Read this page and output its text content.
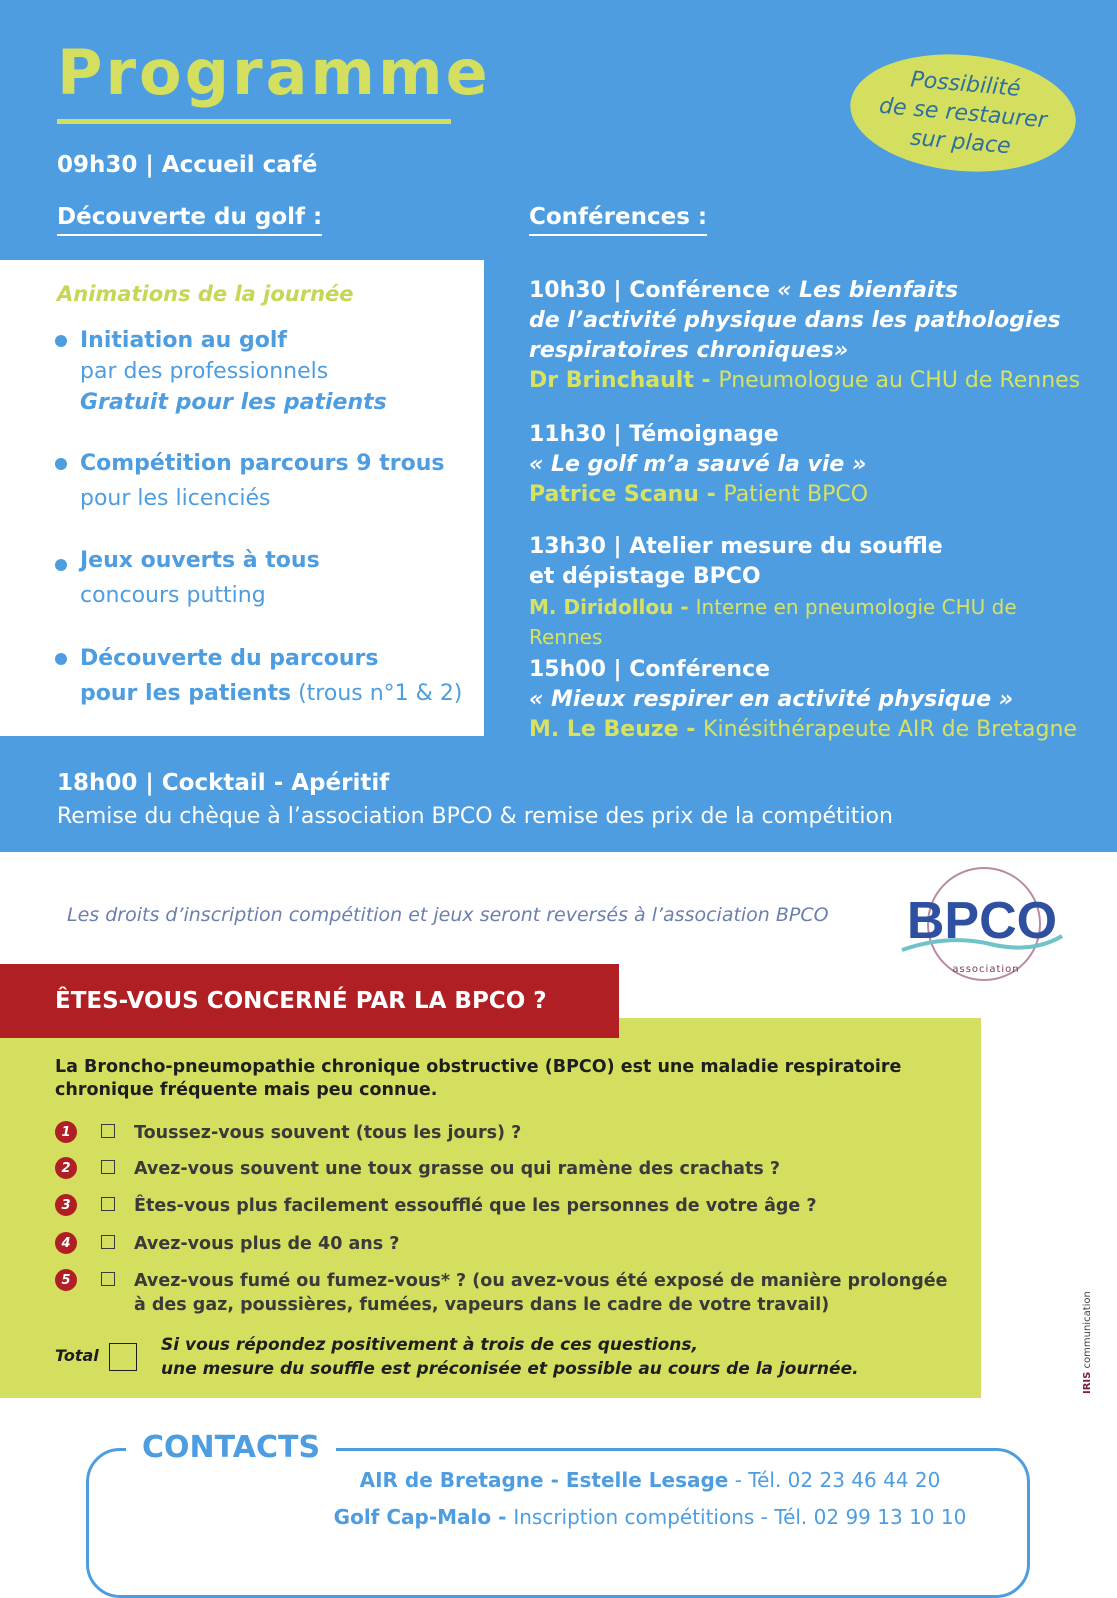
Programme	Possibilité
de se restaurer
sur place
09h30 | Accueil café
Découverte du golf :	Conférences :
Animations de la journée
Initiation au golf
par des professionnels
Gratuit pour les patients
Compétition parcours 9 trous
pour les licenciés
Jeux ouverts à tous
concours putting
Découverte du parcours
pour les patients (trous n°1 & 2)
10h30 | Conférence « Les bienfaits
de l’activité physique dans les pathologies
respiratoires chroniques»
Dr Brinchault - Pneumologue au CHU de Rennes
11h30 | Témoignage
« Le golf m’a sauvé la vie »
Patrice Scanu - Patient BPCO
13h30 | Atelier mesure du souffle
et dépistage BPCO
M. Diridollou - Interne en pneumologie CHU de Rennes
15h00 | Conférence
« Mieux respirer en activité physique »
M. Le Beuze - Kinésithérapeute AIR de Bretagne
18h00 | Cocktail - Apéritif
Remise du chèque à l’association BPCO & remise des prix de la compétition
Les droits d’inscription compétition et jeux seront reversés à l’association BPCO BPCO
association
ÊTES-VOUS CONCERNÉ PAR LA BPCO ?
La Broncho-pneumopathie chronique obstructive (BPCO) est une maladie respiratoire chronique fréquente mais peu connue.
1	Toussez-vous souvent (tous les jours) ?
2	Avez-vous souvent une toux grasse ou qui ramène des crachats ?
3	Êtes-vous plus facilement essoufflé que les personnes de votre âge ?
4	Avez-vous plus de 40 ans ?
5	Avez-vous fumé ou fumez-vous* ? (ou avez-vous été exposé de manière prolongée à des gaz, poussières, fumées, vapeurs dans le cadre de votre travail)
Total
Si vous répondez positivement à trois de ces questions,
une mesure du souffle est préconisée et possible au cours de la journée.
IRIS communication
CONTACTS
AIR de Bretagne - Estelle Lesage - Tél. 02 23 46 44 20
Golf Cap-Malo - Inscription compétitions - Tél. 02 99 13 10 10
